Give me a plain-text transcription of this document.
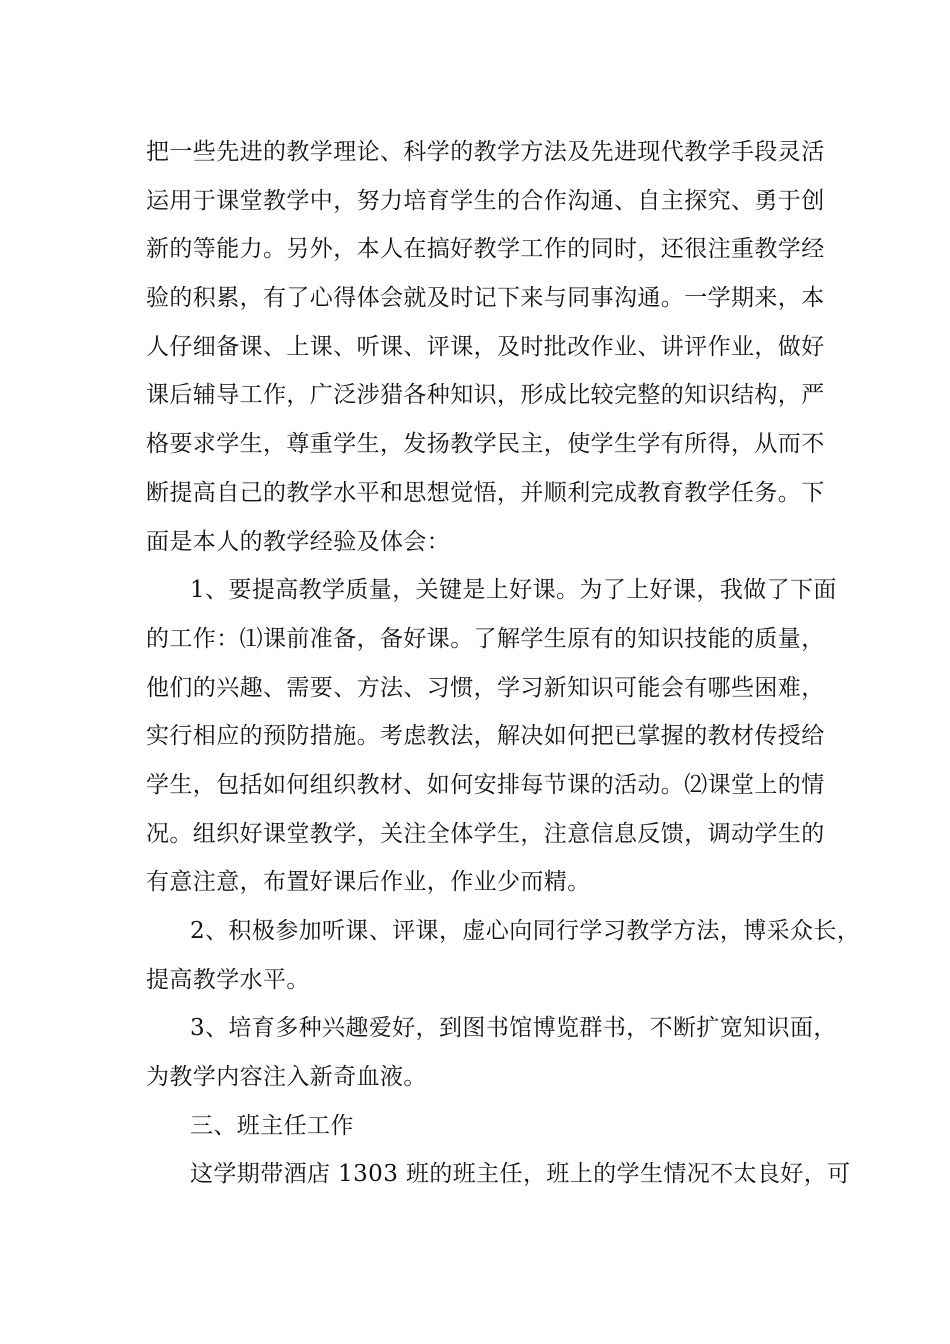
把一些先进的教学理论、科学的教学方法及先进现代教学手段灵活
运用于课堂教学中，努力培育学生的合作沟通、自主探究、勇于创
新的等能力。另外，本人在搞好教学工作的同时，还很注重教学经
验的积累，有了心得体会就及时记下来与同事沟通。一学期来，本
人仔细备课、上课、听课、评课，及时批改作业、讲评作业，做好
课后辅导工作，广泛涉猎各种知识，形成比较完整的知识结构，严
格要求学生，尊重学生，发扬教学民主，使学生学有所得，从而不
断提高自己的教学水平和思想觉悟，并顺利完成教育教学任务。下
面是本人的教学经验及体会：
1、要提高教学质量，关键是上好课。为了上好课，我做了下面
的工作：⑴课前准备，备好课。了解学生原有的知识技能的质量，
他们的兴趣、需要、方法、习惯，学习新知识可能会有哪些困难，
实行相应的预防措施。考虑教法，解决如何把已掌握的教材传授给
学生，包括如何组织教材、如何安排每节课的活动。⑵课堂上的情
况。组织好课堂教学，关注全体学生，注意信息反馈，调动学生的
有意注意，布置好课后作业，作业少而精。
2、积极参加听课、评课，虚心向同行学习教学方法，博采众长，
提高教学水平。
3、培育多种兴趣爱好，到图书馆博览群书，不断扩宽知识面，
为教学内容注入新奇血液。
三、班主任工作
这学期带酒店 1303 班的班主任，班上的学生情况不太良好，可
